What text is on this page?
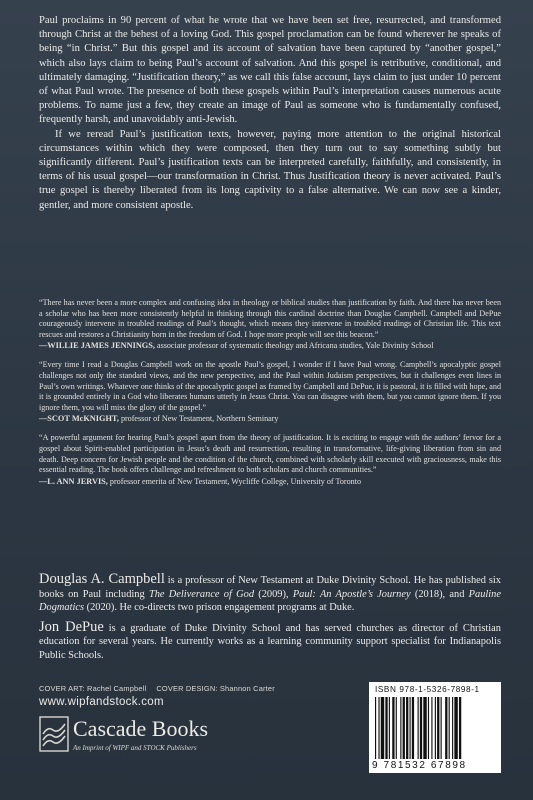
Paul proclaims in 90 percent of what he wrote that we have been set free, resurrected, and transformed through Christ at the behest of a loving God. This gospel proclamation can be found wherever he speaks of being “in Christ.” But this gospel and its account of salvation have been captured by “another gospel,” which also lays claim to being Paul’s account of salvation. And this gospel is retributive, conditional, and ultimately damaging. “Justification theory,” as we call this false account, lays claim to just under 10 percent of what Paul wrote. The presence of both these gospels within Paul’s interpretation causes numerous acute problems. To name just a few, they create an image of Paul as someone who is fundamentally confused, frequently harsh, and unavoidably anti-Jewish.

If we reread Paul’s justification texts, however, paying more attention to the original historical circumstances within which they were composed, then they turn out to say something subtly but significantly different. Paul’s justification texts can be interpreted carefully, faithfully, and consistently, in terms of his usual gospel—our transformation in Christ. Thus Justification theory is never activated. Paul’s true gospel is thereby liberated from its long captivity to a false alternative. We can now see a kinder, gentler, and more consistent apostle.

“There has never been a more complex and confusing idea in theology or biblical studies than justification by faith. And there has never been a scholar who has been more consistently helpful in thinking through this cardinal doctrine than Douglas Campbell. Campbell and DePue courageously intervene in troubled readings of Paul’s thought, which means they intervene in troubled readings of Christian life. This text rescues and restores a Christianity born in the freedom of God. I hope more people will see this beacon.”

—WILLIE JAMES JENNINGS, associate professor of systematic theology and Africana studies, Yale Divinity School

“Every time I read a Douglas Campbell work on the apostle Paul’s gospel, I wonder if I have Paul wrong. Campbell’s apocalyptic gospel challenges not only the standard views, and the new perspective, and the Paul within Judaism perspectives, but it challenges even lines in Paul’s own writings. Whatever one thinks of the apocalyptic gospel as framed by Campbell and DePue, it is pastoral, it is filled with hope, and it is grounded entirely in a God who liberates humans utterly in Jesus Christ. You can disagree with them, but you cannot ignore them. If you ignore them, you will miss the glory of the gospel.”

—SCOT McKNIGHT, professor of New Testament, Northern Seminary

“A powerful argument for hearing Paul’s gospel apart from the theory of justification. It is exciting to engage with the authors’ fervor for a gospel about Spirit-enabled participation in Jesus’s death and resurrection, resulting in transformative, life-giving liberation from sin and death. Deep concern for Jewish people and the condition of the church, combined with scholarly skill executed with graciousness, make this essential reading. The book offers challenge and refreshment to both scholars and church communities.”

—L. ANN JERVIS, professor emerita of New Testament, Wycliffe College, University of Toronto

Douglas A. Campbell is a professor of New Testament at Duke Divinity School. He has published six books on Paul including The Deliverance of God (2009), Paul: An Apostle’s Journey (2018), and Pauline Dogmatics (2020). He co-directs two prison engagement programs at Duke.

Jon DePue is a graduate of Duke Divinity School and has served churches as director of Christian education for several years. He currently works as a learning community support specialist for Indianapolis Public Schools.

COVER ART: Rachel Campbell COVER DESIGN: Shannon Carter
www.wipfandstock.com
Cascade Books
An Imprint of WIPF and STOCK Publishers
ISBN 978-1-5326-7898-1
9 781532 67898
